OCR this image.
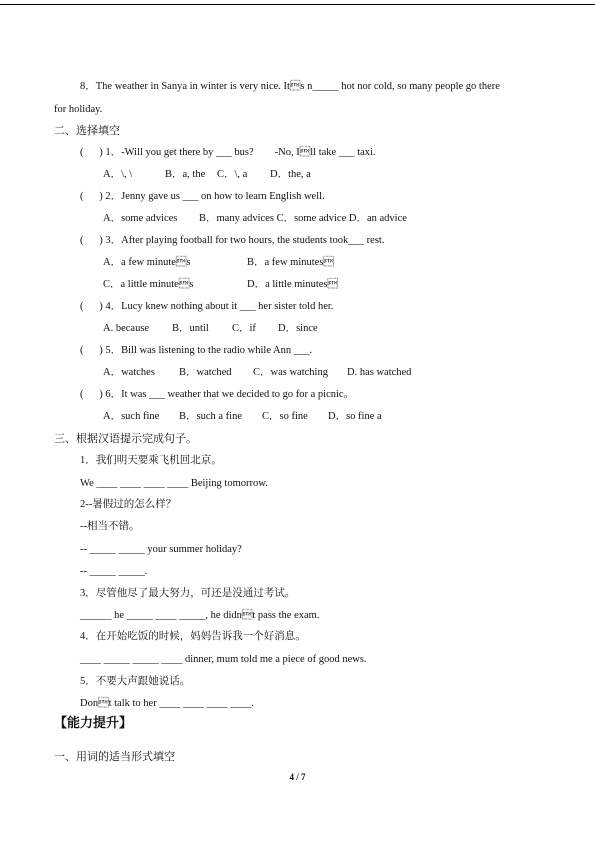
8．The weather in Sanya in winter is very nice. Its n_____ hot nor cold, so many people go there
for holiday.
二、选择填空
(      ) 1．-Will you get there by ___ bus?        -No, Ill take ___ taxi.
A．\, \	B．a, the C．\, a D．the, a
(      ) 2．Jenny gave us ___ on how to learn English well.
A．some advices B．many advices C．some advice D．an advice
(      ) 3．After playing football for two hours, the students took___ rest.
A．a few minutes	B．a few minutes
C．a little minutes	D．a little minutes
(      ) 4．Lucy knew nothing about it ___ her sister told her.
A. because B．until C．if D．since
(      ) 5．Bill was listening to the radio while Ann ___.
A．watches B．watched C．was watching D. has watched
(      ) 6．It was ___ weather that we decided to go for a picnic。
A．such fine B．such a fine C．so fine D．so fine a
三、根据汉语提示完成句子。
1．我们明天要乘飞机回北京。
We ____ ____ ____ ____ Beijing tomorrow.
2--暑假过的怎么样？
--相当不错。
-- _____ _____ your summer holiday?
-- _____ _____.
3．尽管他尽了最大努力，可还是没通过考试。
______ he _____ ____ _____, he didnt pass the exam.
4．在开始吃饭的时候，妈妈告诉我一个好消息。
____ _____ _____ ____ dinner, mum told me a piece of good news.
5．不要大声跟她说话。
Dont talk to her ____ ____ ____ ____.
【能力提升】
一、用词的适当形式填空
4 / 7
